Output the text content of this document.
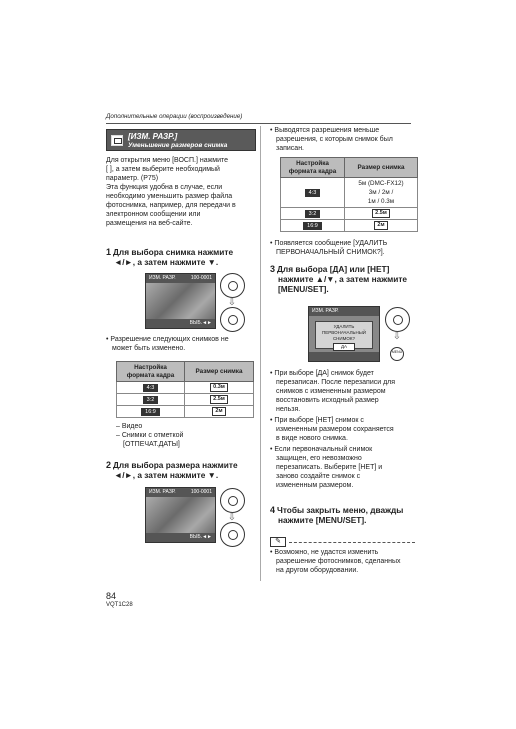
Дополнительные операции (воспроизведение)
[ИЗМ. РАЗР.]
Уменьшение размеров снимка
Для открытия меню [ВОСП.] нажмите
[ ], а затем выберите необходимый
параметр. (P75)
Эта функция удобна в случае, если
необходимо уменьшить размер файла
фотоснимка, например, для передачи в
электронном сообщении или
размещения на веб-сайте.
1 Для выбора снимка нажмите
◄/►, а затем нажмите ▼.
ИЗМ. РАЗР.	100-0001
ВЫБ.◄►
⇩
• Разрешение следующих снимков не
может быть изменено.
Настройка формата кадра	Размер снимка
4:3	0.3м
3:2	2.5м
16:9	2м
– Видео
– Снимки с отметкой
[ОТПЕЧАТ.ДАТЫ]
2 Для выбора размера нажмите
◄/►, а затем нажмите ▼.
ИЗМ. РАЗР.	100-0001
ВЫБ.◄►
⇩
84
VQT1C28
• Выводятся разрешения меньше
разрешения, с которым снимок был
записан.
Настройка формата кадра	Размер снимка
4:3	5м (DMC-FX12)
3м / 2м /
1м / 0.3м

3:2	2.5м
16:9	2м
• Появляется сообщение [УДАЛИТЬ
ПЕРВОНАЧАЛЬНЫЙ СНИМОК?].
3 Для выбора [ДА] или [НЕТ]
нажмите ▲/▼, а затем нажмите
[MENU/SET].
ИЗМ. РАЗР.
УДАЛИТЬ ПЕРВОНАЧАЛЬНЫЙ
СНИМОК?
ДА
⇩
MENU
• При выборе [ДА] снимок будет
перезаписан. После перезаписи для
снимков с измененным размером
восстановить исходный размер
нельзя.
• При выборе [НЕТ] снимок с
измененным размером сохраняется
в виде нового снимка.
• Если первоначальный снимок
защищен, его невозможно
перезаписать. Выберите [НЕТ] и
заново создайте снимок с
измененным размером.
4 Чтобы закрыть меню, дважды
нажмите [MENU/SET].
✎
• Возможно, не удастся изменить
разрешение фотоснимков, сделанных
на другом оборудовании.
